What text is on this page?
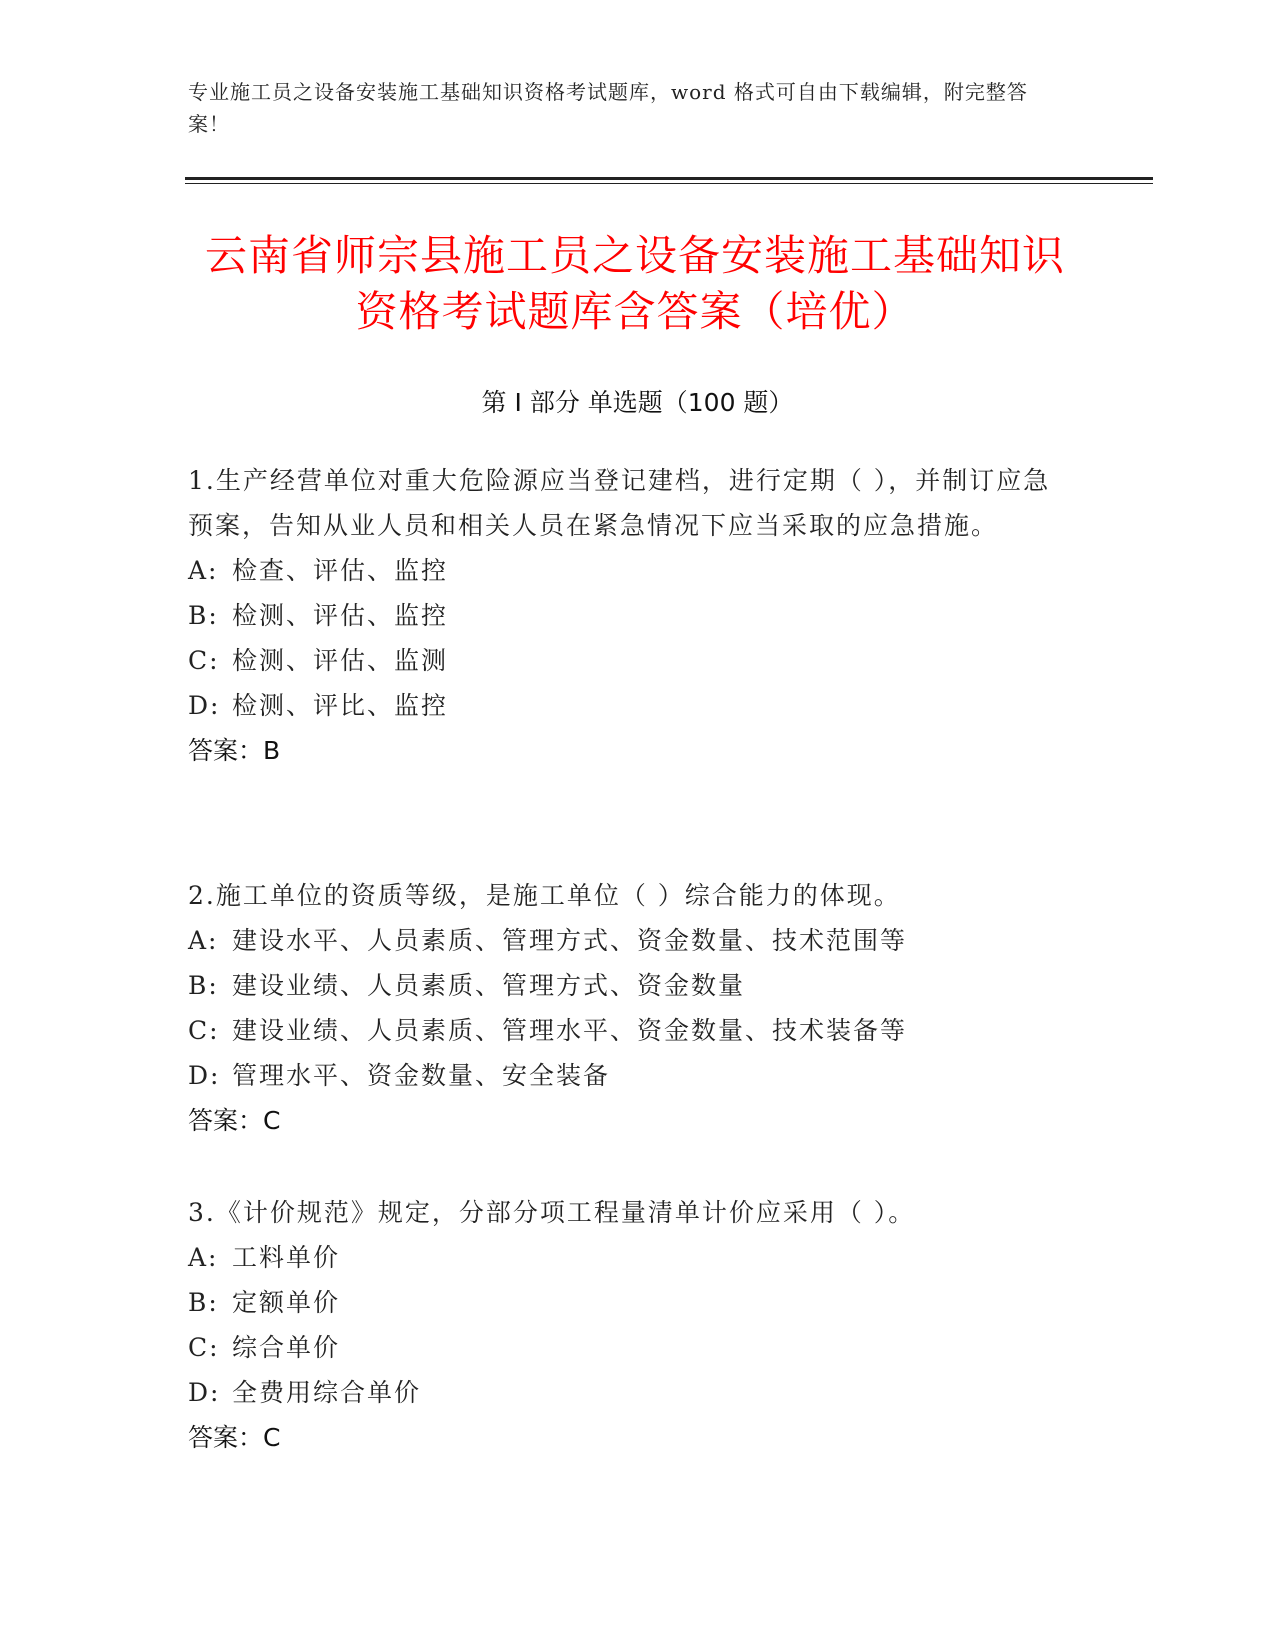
专业施工员之设备安装施工基础知识资格考试题库，word 格式可自由下载编辑，附完整答案！
云南省师宗县施工员之设备安装施工基础知识资格考试题库含答案（培优）
第 I 部分 单选题（100 题）
1.生产经营单位对重大危险源应当登记建档，进行定期（ ），并制订应急预案，告知从业人员和相关人员在紧急情况下应当采取的应急措施。
A: 检查、评估、监控
B: 检测、评估、监控
C: 检测、评估、监测
D: 检测、评比、监控
答案：B
2.施工单位的资质等级，是施工单位（ ）综合能力的体现。
A: 建设水平、人员素质、管理方式、资金数量、技术范围等
B: 建设业绩、人员素质、管理方式、资金数量
C: 建设业绩、人员素质、管理水平、资金数量、技术装备等
D: 管理水平、资金数量、安全装备
答案：C
3.《计价规范》规定，分部分项工程量清单计价应采用（ ）。
A: 工料单价
B: 定额单价
C: 综合单价
D: 全费用综合单价
答案：C
